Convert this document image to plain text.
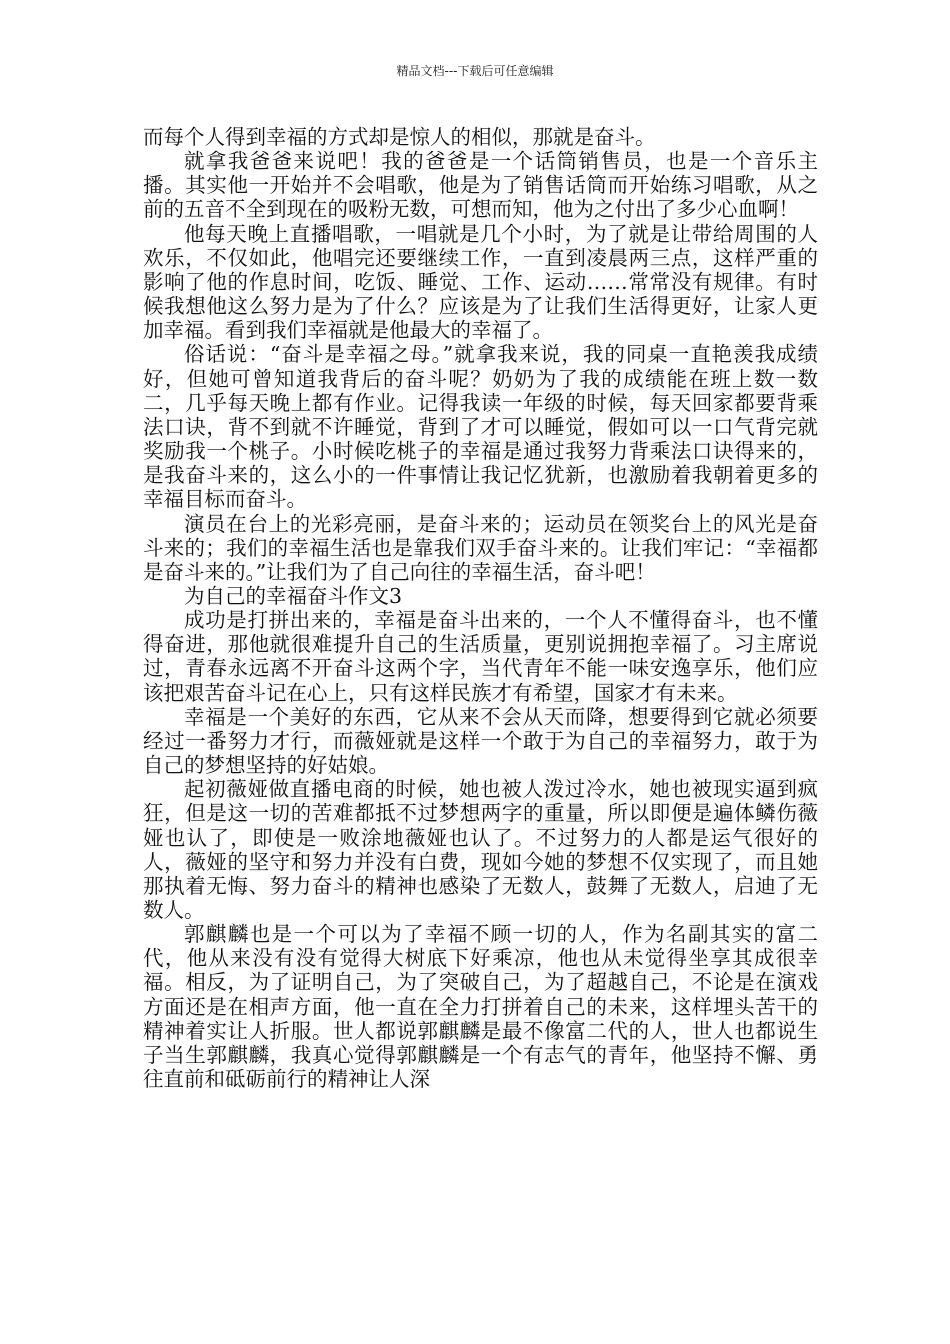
精品文档---下载后可任意编辑

而每个人得到幸福的方式却是惊人的相似，那就是奋斗。

就拿我爸爸来说吧！我的爸爸是一个话筒销售员，也是一个音乐主播。其实他一开始并不会唱歌，他是为了销售话筒而开始练习唱歌，从之前的五音不全到现在的吸粉无数，可想而知，他为之付出了多少心血啊！

他每天晚上直播唱歌，一唱就是几个小时，为了就是让带给周围的人欢乐，不仅如此，他唱完还要继续工作，一直到凌晨两三点，这样严重的影响了他的作息时间，吃饭、睡觉、工作、运动……常常没有规律。有时候我想他这么努力是为了什么？应该是为了让我们生活得更好，让家人更加幸福。看到我们幸福就是他最大的幸福了。

俗话说：“奋斗是幸福之母。”就拿我来说，我的同桌一直艳羡我成绩好，但她可曾知道我背后的奋斗呢？奶奶为了我的成绩能在班上数一数二，几乎每天晚上都有作业。记得我读一年级的时候，每天回家都要背乘法口诀，背不到就不许睡觉，背到了才可以睡觉，假如可以一口气背完就奖励我一个桃子。小时候吃桃子的幸福是通过我努力背乘法口诀得来的，是我奋斗来的，这么小的一件事情让我记忆犹新，也激励着我朝着更多的幸福目标而奋斗。

演员在台上的光彩亮丽，是奋斗来的；运动员在领奖台上的风光是奋斗来的；我们的幸福生活也是靠我们双手奋斗来的。让我们牢记：“幸福都是奋斗来的。”让我们为了自己向往的幸福生活，奋斗吧！

为自己的幸福奋斗作文3

成功是打拼出来的，幸福是奋斗出来的，一个人不懂得奋斗，也不懂得奋进，那他就很难提升自己的生活质量，更别说拥抱幸福了。习主席说过，青春永远离不开奋斗这两个字，当代青年不能一味安逸享乐，他们应该把艰苦奋斗记在心上，只有这样民族才有希望，国家才有未来。

幸福是一个美好的东西，它从来不会从天而降，想要得到它就必须要经过一番努力才行，而薇娅就是这样一个敢于为自己的幸福努力，敢于为自己的梦想坚持的好姑娘。

起初薇娅做直播电商的时候，她也被人泼过冷水，她也被现实逼到疯狂，但是这一切的苦难都抵不过梦想两字的重量，所以即便是遍体鳞伤薇娅也认了，即使是一败涂地薇娅也认了。不过努力的人都是运气很好的人，薇娅的坚守和努力并没有白费，现如今她的梦想不仅实现了，而且她那执着无悔、努力奋斗的精神也感染了无数人，鼓舞了无数人，启迪了无数人。

郭麒麟也是一个可以为了幸福不顾一切的人，作为名副其实的富二代，他从来没有没有觉得大树底下好乘凉，他也从未觉得坐享其成很幸福。相反，为了证明自己，为了突破自己，为了超越自己，不论是在演戏方面还是在相声方面，他一直在全力打拼着自己的未来，这样埋头苦干的精神着实让人折服。世人都说郭麒麟是最不像富二代的人，世人也都说生子当生郭麒麟，我真心觉得郭麒麟是一个有志气的青年，他坚持不懈、勇往直前和砥砺前行的精神让人深
